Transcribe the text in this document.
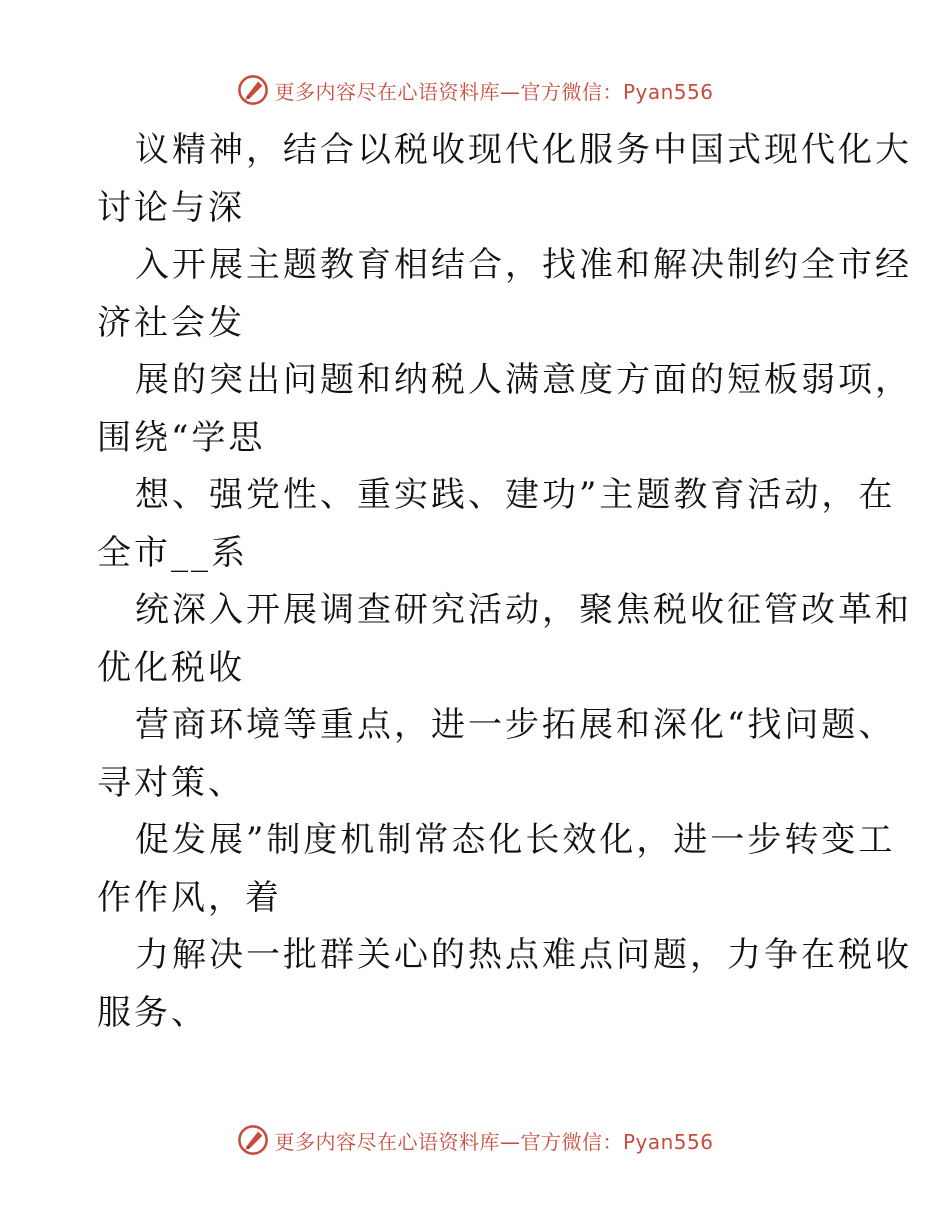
更多内容尽在心语资料库—官方微信：Pyan556
议精神，结合以税收现代化服务中国式现代化大
讨论与深
入开展主题教育相结合，找准和解决制约全市经
济社会发
展的突出问题和纳税人满意度方面的短板弱项，
围绕“学思
想、强党性、重实践、建功”主题教育活动，在
全市__系
统深入开展调查研究活动，聚焦税收征管改革和
优化税收
营商环境等重点，进一步拓展和深化“找问题、
寻对策、
促发展”制度机制常态化长效化，进一步转变工
作作风，着
力解决一批群关心的热点难点问题，力争在税收
服务、
更多内容尽在心语资料库—官方微信：Pyan556
